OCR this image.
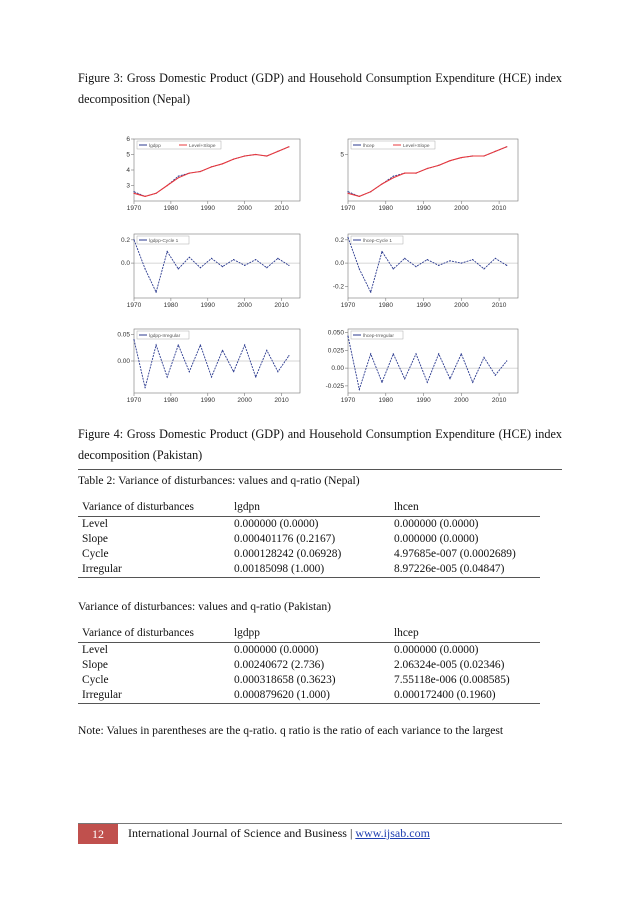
Figure 3: Gross Domestic Product (GDP) and Household Consumption Expenditure (HCE) index decomposition (Nepal)
1970	1980	1990	2000	2010
3
4
5
6
lgdpp	Level+Slope
1970	1980	1990	2000	2010
5
lhcep	Level+Slope
1970	1980	1990	2000	2010
0.2
0.0
lgdpp-Cycle 1
1970	1980	1990	2000	2010
0.2
0.0
-0.2
lhcep-Cycle 1
1970	1980	1990	2000	2010
0.05
0.00
lgdpp-Irregular
1970	1980	1990	2000	2010
0.050
0.025
0.00
-0.025
lhcep-Irregular
Figure 4: Gross Domestic Product (GDP) and Household Consumption Expenditure (HCE) index decomposition (Pakistan)
Table 2: Variance of disturbances: values and q-ratio (Nepal)
Variance of disturbances	lgdpn	lhcen
Level	0.000000 (0.0000)	0.000000 (0.0000)
Slope	0.000401176 (0.2167)	0.000000 (0.0000)
Cycle	0.000128242 (0.06928)	4.97685e-007 (0.0002689)
Irregular	0.00185098 (1.000)	8.97226e-005 (0.04847)
Variance of disturbances: values and q-ratio (Pakistan)
Variance of disturbances	lgdpp	lhcep
Level	0.000000 (0.0000)	0.000000 (0.0000)
Slope	0.00240672 (2.736)	2.06324e-005 (0.02346)
Cycle	0.000318658 (0.3623)	7.55118e-006 (0.008585)
Irregular	0.000879620 (1.000)	0.000172400 (0.1960)
Note: Values in parentheses are the q-ratio. q ratio is the ratio of each variance to the largest
12	International Journal of Science and Business | www.ijsab.com
